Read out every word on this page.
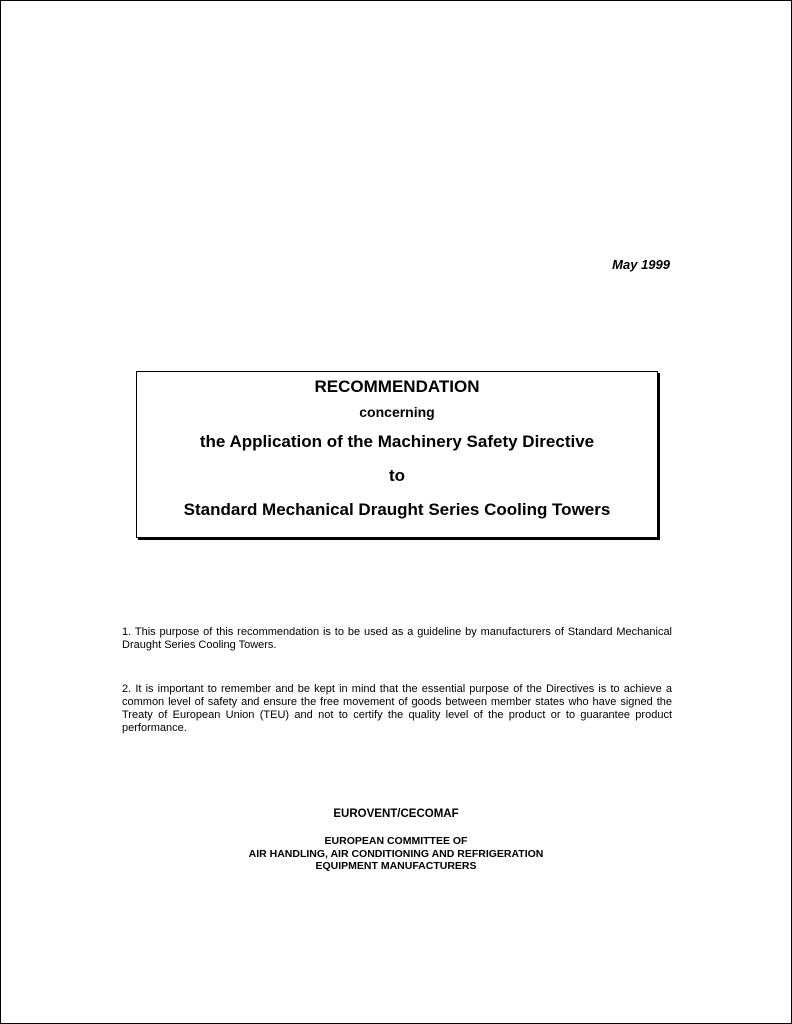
May 1999
RECOMMENDATION
concerning
the Application of the Machinery Safety Directive
to
Standard Mechanical Draught Series Cooling Towers

1. This purpose of this recommendation is to be used as a guideline by manufacturers of Standard Mechanical Draught Series Cooling Towers.

2. It is important to remember and be kept in mind that the essential purpose of the Directives is to achieve a common level of safety and ensure the free movement of goods between member states who have signed the Treaty of European Union (TEU) and not to certify the quality level of the product or to guarantee product performance.

EUROVENT/CECOMAF
EUROPEAN COMMITTEE OF
AIR HANDLING, AIR CONDITIONING AND REFRIGERATION
EQUIPMENT MANUFACTURERS
